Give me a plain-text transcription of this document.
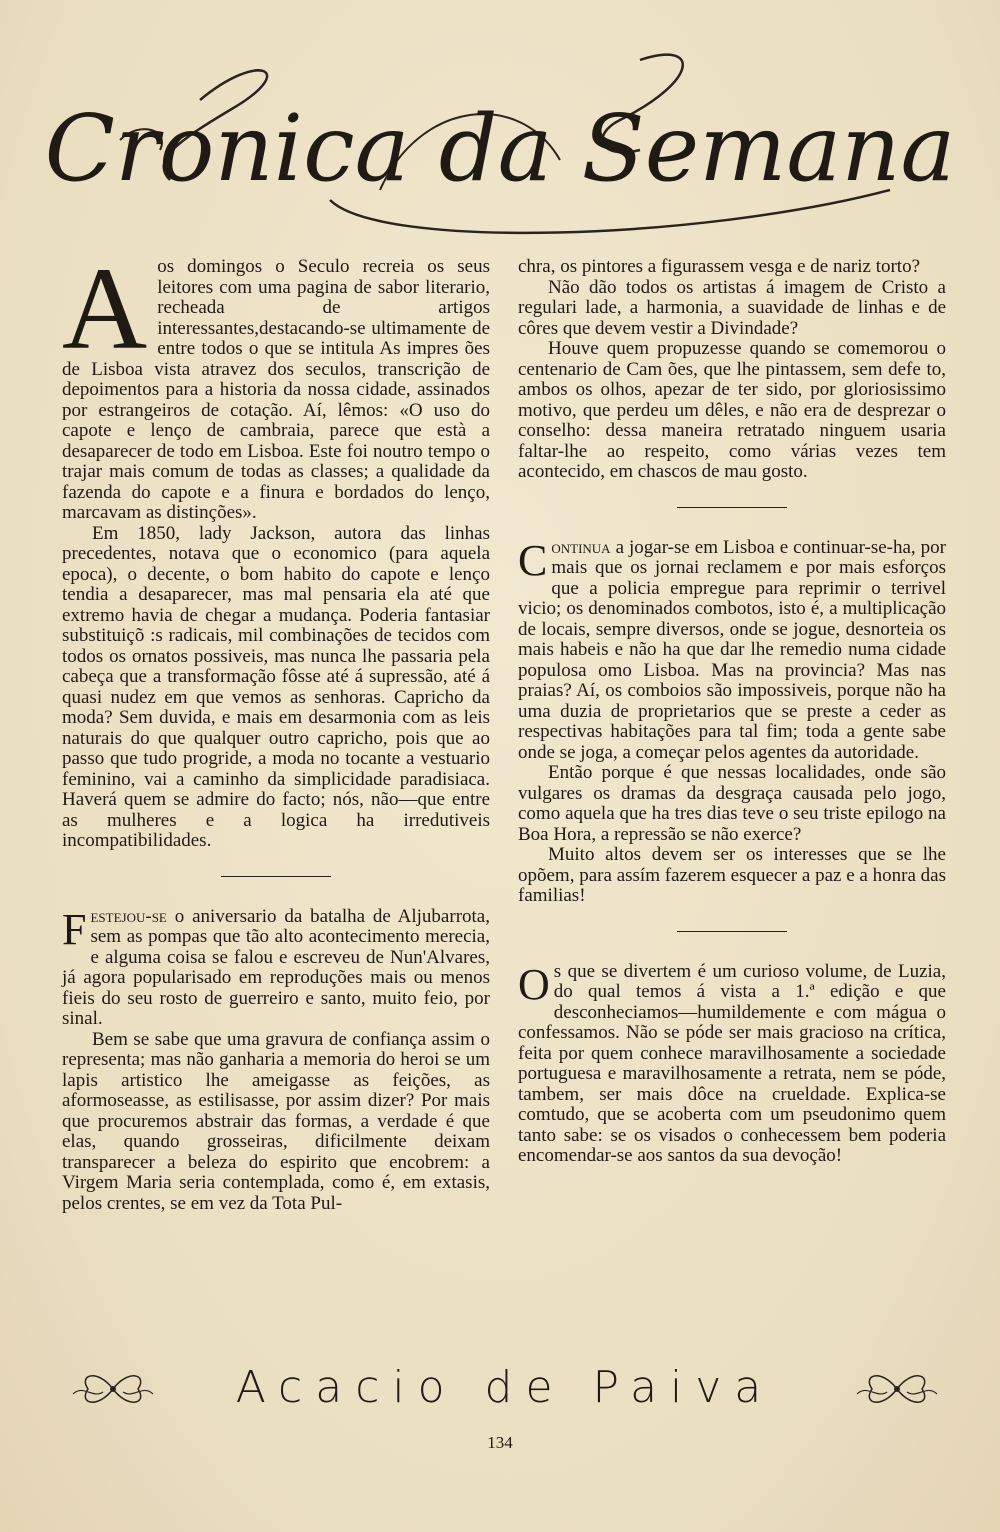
Cronica da Semana

Aos domingos o Seculo recreia os seus leitores com uma pagina de sabor literario, recheada de artigos interessantes,destacando-se ultimamente de entre todos o que se intitula As impres ões de Lisboa vista atravez dos seculos, transcrição de depoimentos para a historia da nossa cidade, assinados por estrangeiros de cotação. Aí, lêmos: «O uso do capote e lenço de cambraia, parece que està a desaparecer de todo em Lisboa. Este foi noutro tempo o trajar mais comum de todas as classes; a qualidade da fazenda do capote e a finura e bordados do lenço, marcavam as distinções».

Em 1850, lady Jackson, autora das linhas precedentes, notava que o economico (para aquela epoca), o decente, o bom habito do capote e lenço tendia a desaparecer, mas mal pensaria ela até que extremo havia de chegar a mudança. Poderia fantasiar substituiçõ :s radicais, mil combinações de tecidos com todos os ornatos possiveis, mas nunca lhe passaria pela cabeça que a transformação fôsse até á supressão, até á quasi nudez em que vemos as senhoras. Capricho da moda? Sem duvida, e mais em desarmonia com as leis naturais do que qualquer outro capricho, pois que ao passo que tudo progride, a moda no tocante a vestuario feminino, vai a caminho da simplicidade paradisiaca. Haverá quem se admire do facto; nós, não—que entre as mulheres e a logica ha irredutiveis incompatibilidades.

Festejou-se o aniversario da batalha de Aljubarrota, sem as pompas que tão alto acontecimento merecia, e alguma coisa se falou e escreveu de Nun'Alvares, já agora popularisado em reproduções mais ou menos fieis do seu rosto de guerreiro e santo, muito feio, por sinal.

Bem se sabe que uma gravura de confiança assim o representa; mas não ganharia a memoria do heroi se um lapis artistico lhe ameigasse as feições, as aformoseasse, as estilisasse, por assim dizer? Por mais que procuremos abstrair das formas, a verdade é que elas, quando grosseiras, dificilmente deixam transparecer a beleza do espirito que encobrem: a Virgem Maria seria contemplada, como é, em extasis, pelos crentes, se em vez da Tota Pul-

chra, os pintores a figurassem vesga e de nariz torto?

Não dão todos os artistas á imagem de Cristo a regulari lade, a harmonia, a suavidade de linhas e de côres que devem vestir a Divindade?

Houve quem propuzesse quando se comemorou o centenario de Cam ões, que lhe pintassem, sem defe to, ambos os olhos, apezar de ter sido, por gloriosissimo motivo, que perdeu um dêles, e não era de desprezar o conselho: dessa maneira retratado ninguem usaria faltar-lhe ao respeito, como várias vezes tem acontecido, em chascos de mau gosto.

Continua a jogar-se em Lisboa e continuar-se-ha, por mais que os jornai reclamem e por mais esforços que a policia empregue para reprimir o terrivel vicio; os denominados combotos, isto é, a multiplicação de locais, sempre diversos, onde se jogue, desnorteia os mais habeis e não ha que dar lhe remedio numa cidade populosa omo Lisboa. Mas na provincia? Mas nas praias? Aí, os comboios são impossiveis, porque não ha uma duzia de proprietarios que se preste a ceder as respectivas habitações para tal fim; toda a gente sabe onde se joga, a começar pelos agentes da autoridade.

Então porque é que nessas localidades, onde são vulgares os dramas da desgraça causada pelo jogo, como aquela que ha tres dias teve o seu triste epilogo na Boa Hora, a repressão se não exerce?

Muito altos devem ser os interesses que se lhe opõem, para assím fazerem esquecer a paz e a honra das familias!

Os que se divertem é um curioso volume, de Luzia, do qual temos á vista a 1.ª edição e que desconheciamos—humildemente e com mágua o confessamos. Não se póde ser mais gracioso na crítica, feita por quem conhece maravilhosamente a sociedade portuguesa e maravilhosamente a retrata, nem se póde, tambem, ser mais dôce na crueldade. Explica-se comtudo, que se acoberta com um pseudonimo quem tanto sabe: se os visados o conhecessem bem poderia encomendar-se aos santos da sua devoção!

Acacio de Paiva
134
